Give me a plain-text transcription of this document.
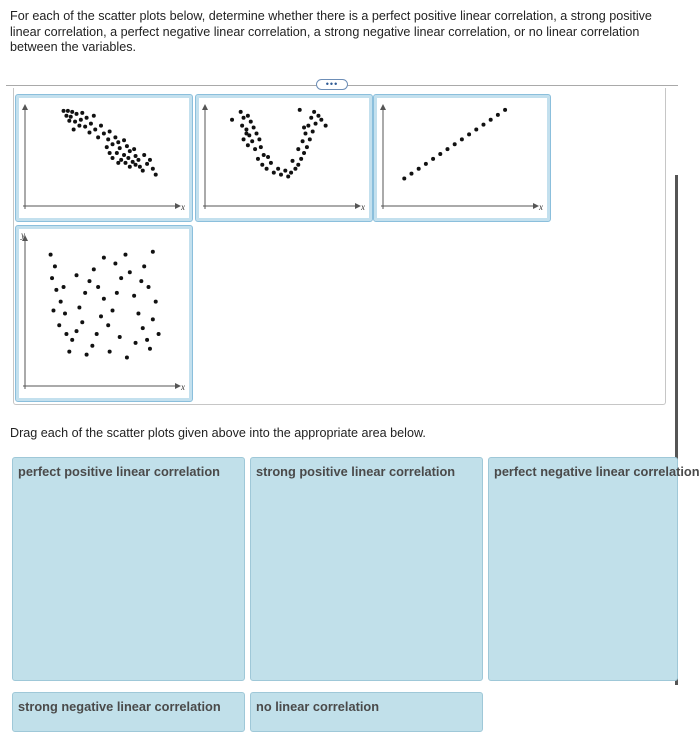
For each of the scatter plots below, determine whether there is a perfect positive linear correlation, a strong positive linear correlation, a perfect negative linear correlation, a strong negative linear correlation, or no linear correlation between the variables.

•••
x	x	x
x
y
Drag each of the scatter plots given above into the appropriate area below.
perfect positive linear correlation	strong positive linear correlation	perfect negative linear correlation
strong negative linear correlation	no linear correlation
